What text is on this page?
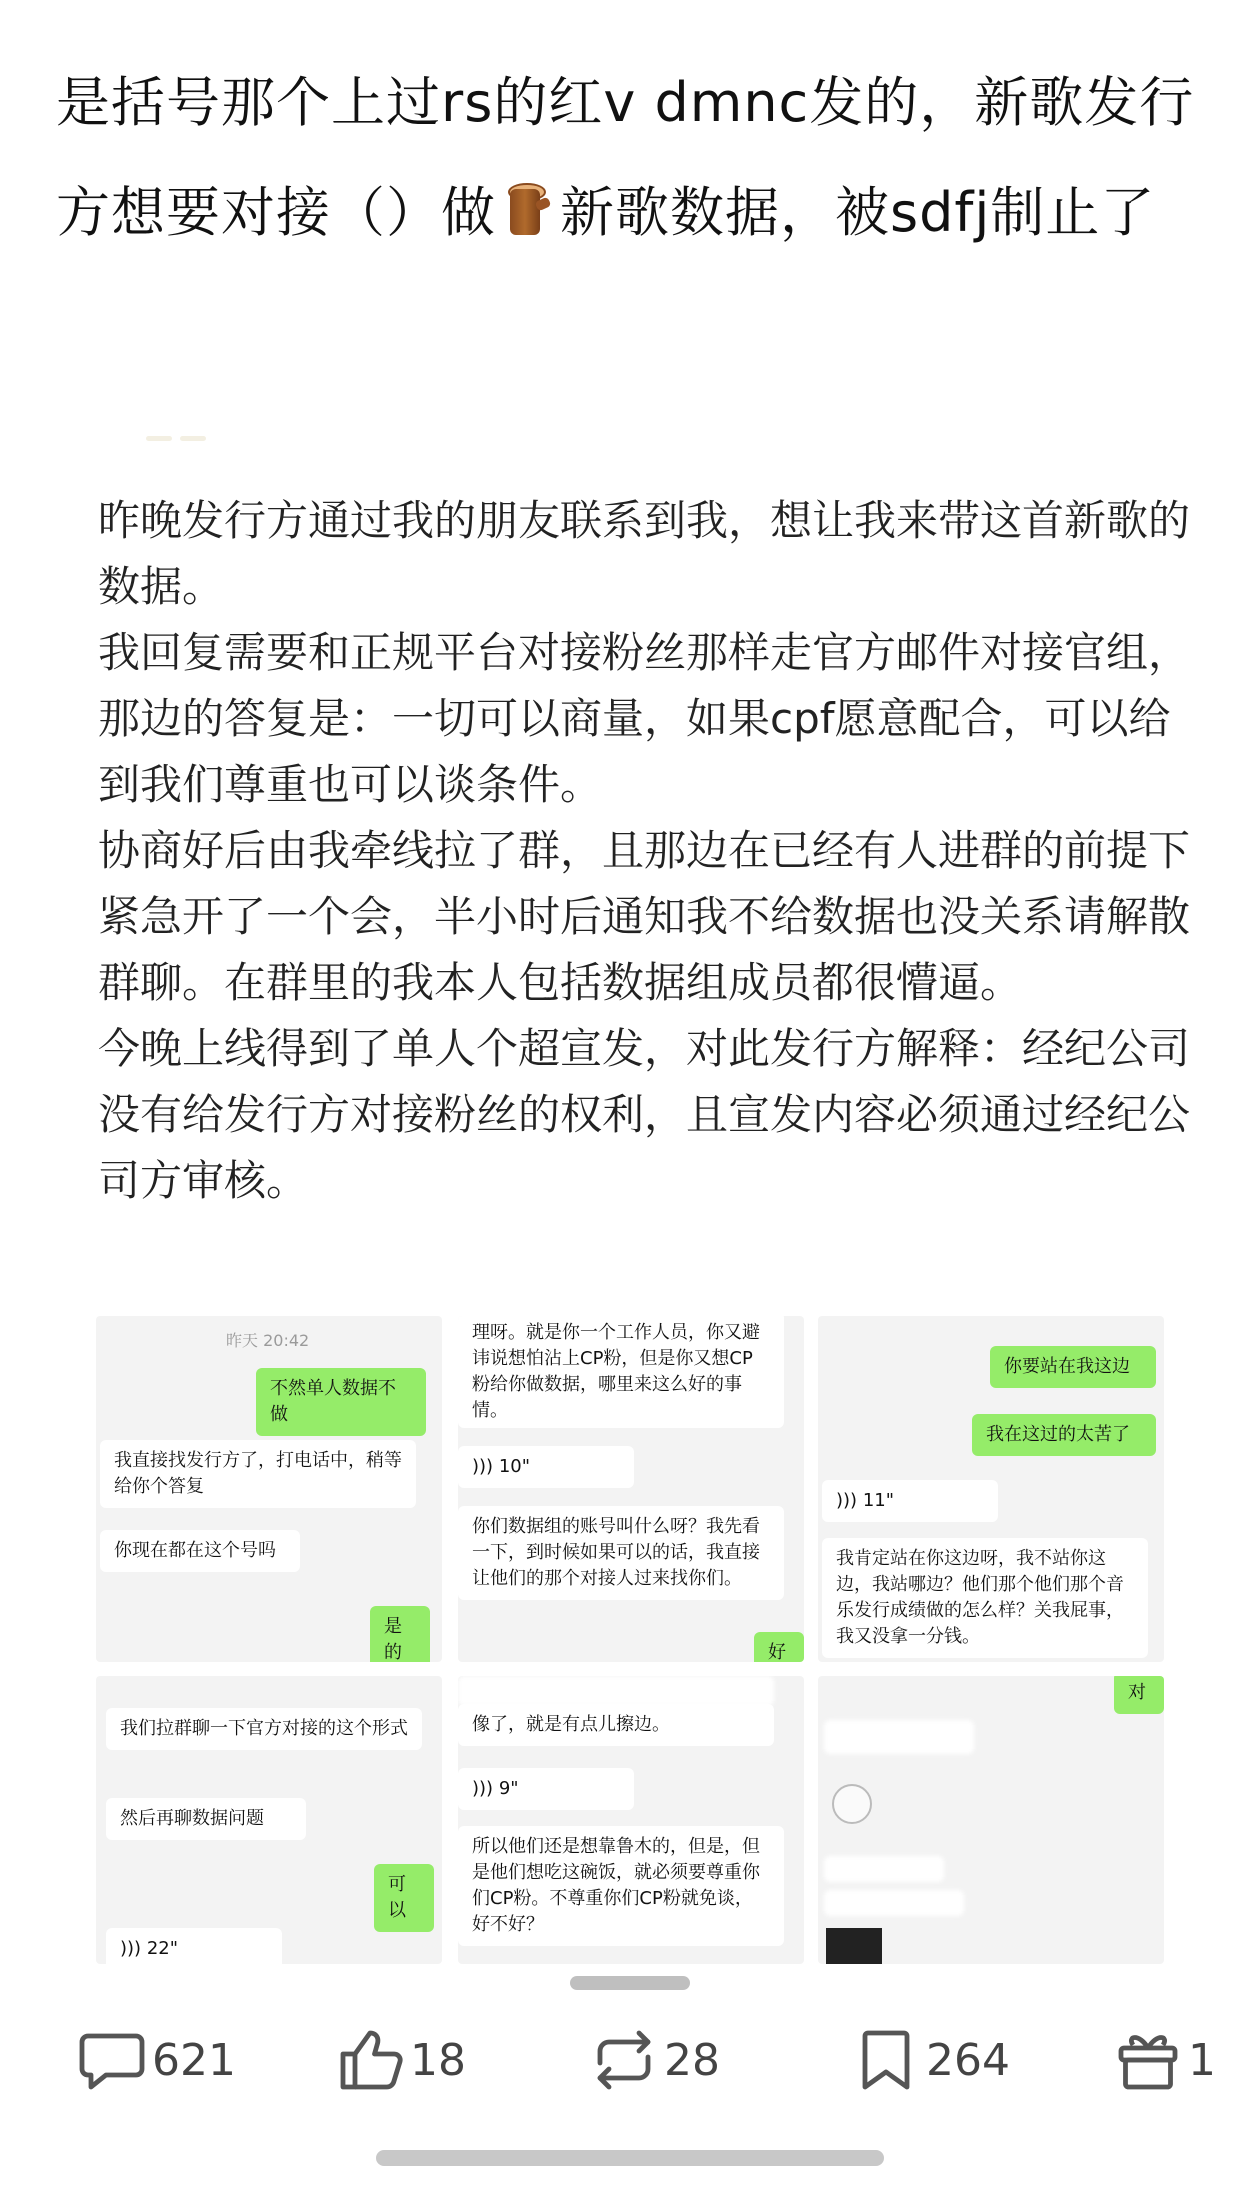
是括号那个上过rs的红v dmnc发的，新歌发行方想要对接（）做 新歌数据，被sdfj制止了
昨晚发行方通过我的朋友联系到我，想让我来带这首新歌的数据。
我回复需要和正规平台对接粉丝那样走官方邮件对接官组，那边的答复是：一切可以商量，如果cpf愿意配合，可以给到我们尊重也可以谈条件。
协商好后由我牵线拉了群，且那边在已经有人进群的前提下紧急开了一个会，半小时后通知我不给数据也没关系请解散群聊。在群里的我本人包括数据组成员都很懵逼。
今晚上线得到了单人个超宣发，对此发行方解释：经纪公司没有给发行方对接粉丝的权利，且宣发内容必须通过经纪公司方审核。
昨天 20:42
不然单人数据不做
我直接找发行方了，打电话中，稍等给你个答复
你现在都在这个号吗
是的
理呀。就是你一个工作人员，你又避讳说想怕沾上CP粉，但是你又想CP粉给你做数据，哪里来这么好的事情。
))) 10"
你们数据组的账号叫什么呀？我先看一下，到时候如果可以的话，我直接让他们的那个对接人过来找你们。
好
你要站在我这边
我在这过的太苦了
))) 11"
我肯定站在你这边呀，我不站你这边，我站哪边？他们那个他们那个音乐发行成绩做的怎么样？关我屁事，我又没拿一分钱。
我们拉群聊一下官方对接的这个形式
然后再聊数据问题
可以
))) 22"
像了，就是有点儿擦边。
))) 9"
所以他们还是想靠鲁木的，但是，但是他们想吃这碗饭，就必须要尊重你们CP粉。不尊重你们CP粉就免谈，好不好？
对
621	18	28	264	1
